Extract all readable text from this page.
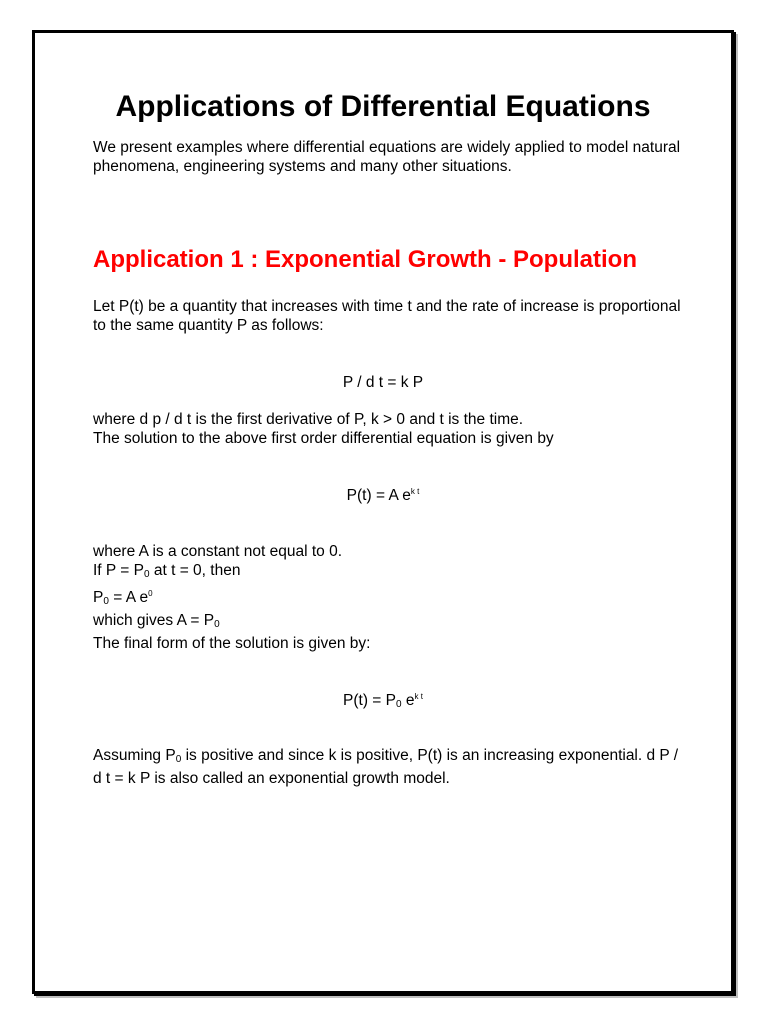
Applications of Differential Equations

We present examples where differential equations are widely applied to model natural phenomena, engineering systems and many other situations.

Application 1 : Exponential Growth - Population

Let P(t) be a quantity that increases with time t and the rate of increase is proportional to the same quantity P as follows:

P / d t = k P

where d p / d t is the first derivative of P, k > 0 and t is the time.
The solution to the above first order differential equation is given by

P(t) = A $e^{k t}$

where A is a constant not equal to 0.
If $P = P_0$ at t = 0, then
$P_0 = A$ $e^0$
which gives $A = P_0$
The final form of the solution is given by:

$P(t) = P_0$ $e^{k t}$

Assuming $P_0$ is positive and since k is positive, P(t) is an increasing exponential. d P / d t = k P is also called an exponential growth model.
